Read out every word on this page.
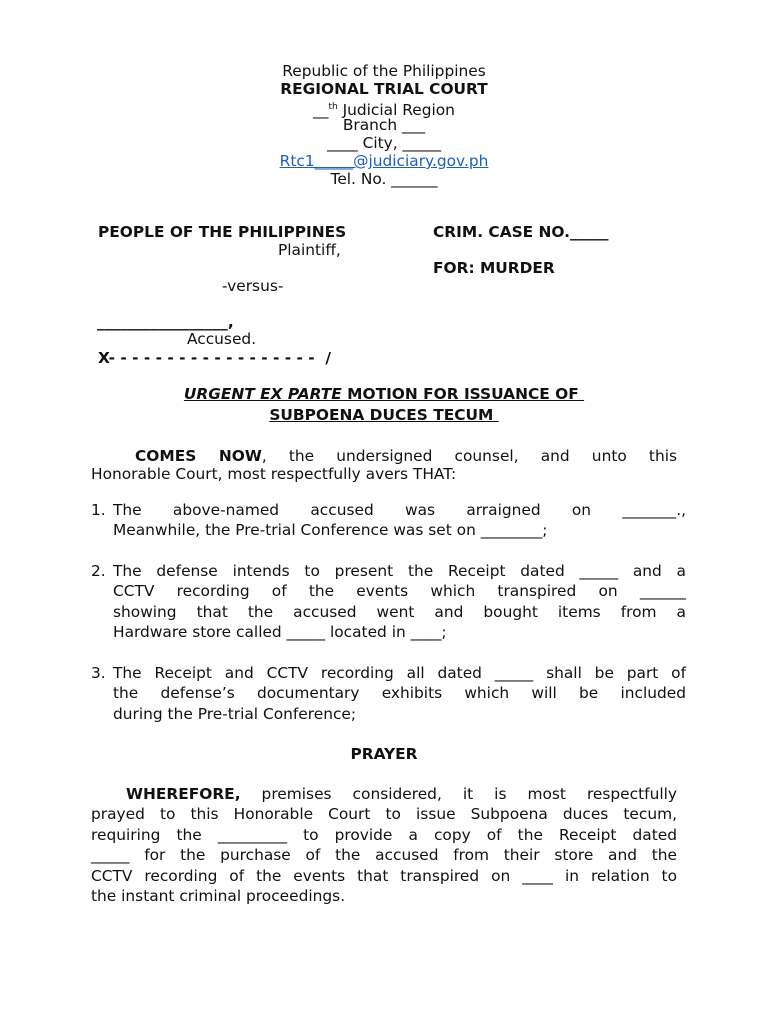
Republic of the Philippines
REGIONAL TRIAL COURT
__$^{th}$ Judicial Region
Branch ___
____ City, _____
Rtc1_____@judiciary.gov.ph
Tel. No. ______
PEOPLE OF THE PHILIPPINES
Plaintiff,
-versus-
_________________,
Accused.
X- - - - - - - - - - - - - - - - - -  /
CRIM. CASE NO._____
FOR: MURDER
URGENT EX PARTE MOTION FOR ISSUANCE OF
SUBPOENA DUCES TECUM
COMES NOW, the undersigned counsel, and unto this
Honorable Court, most respectfully avers THAT:
1. The above-named accused was arraigned on _______.,
Meanwhile, the Pre-trial Conference was set on ________;
2. The defense intends to present the Receipt dated _____ and a
CCTV recording of the events which transpired on ______
showing that the accused went and bought items from a
Hardware store called _____ located in ____;
3. The Receipt and CCTV recording all dated _____ shall be part of
the defense’s documentary exhibits which will be included
during the Pre-trial Conference;
PRAYER
WHEREFORE, premises considered, it is most respectfully
prayed to this Honorable Court to issue Subpoena duces tecum,
requiring the _________ to provide a copy of the Receipt dated
_____ for the purchase of the accused from their store and the
CCTV recording of the events that transpired on ____ in relation to
the instant criminal proceedings.
